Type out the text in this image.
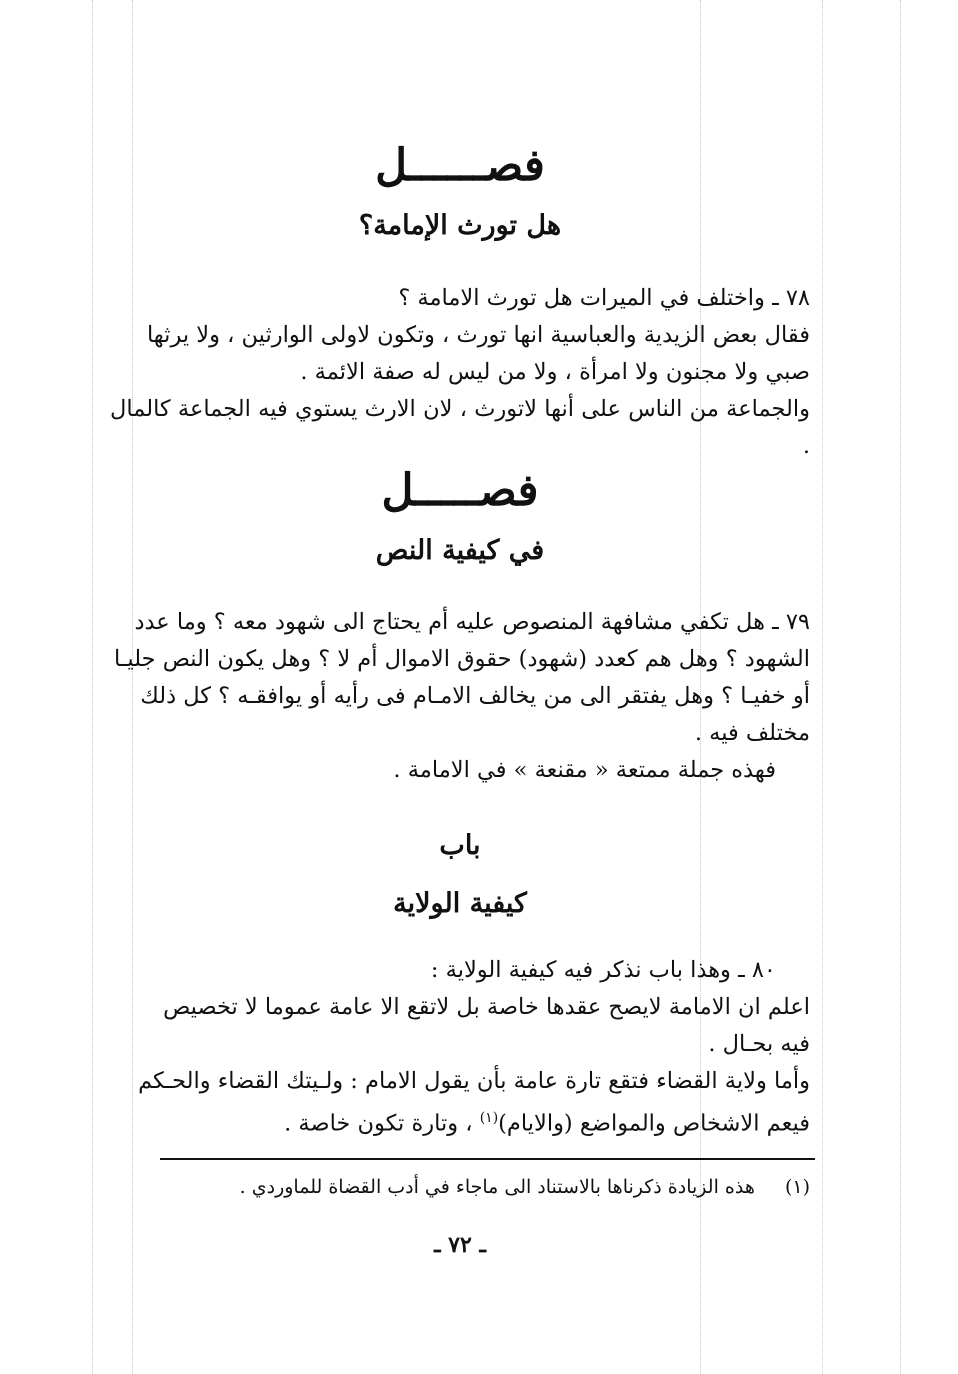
فصــــــل
هل تورث الإمامة؟
٧٨ ـ واختلف في الميرات هل تورث الامامة ؟
فقال بعض الزيدية والعباسية انها تورث ، وتكون لاولى الوارثين ، ولا يرثها
صبي ولا مجنون ولا امرأة ، ولا من ليس له صفة الائمة .
والجماعة من الناس على أنها لاتورث ، لان الارث يستوي فيه الجماعة كالمال .
فصـــــل
في كيفية النص
٧٩ ـ هل تكفي مشافهة المنصوص عليه أم يحتاج الى شهود معه ؟ وما عدد
الشهود ؟ وهل هم كعدد (شهود) حقوق الاموال أم لا ؟ وهل يكون النص جليـا
أو خفيـا ؟ وهل يفتقر الى من يخالف الامـام فى رأيه أو يوافقـه ؟ كل ذلك
مختلف فيه .
فهذه جملة ممتعة « مقنعة » في الامامة .
باب
كيفية الولاية
٨٠ ـ وهذا باب نذكر فيه كيفية الولاية :
اعلم ان الامامة لايصح عقدها خاصة بل لاتقع الا عامة عموما لا تخصيص
فيه بحـال .
وأما ولاية القضاء فتقع تارة عامة بأن يقول الامام : ولـيتك القضاء والحـكم
فيعم الاشخاص والمواضع (والايام)$^{(١)}$ ، وتارة تكون خاصة .
(١)  هذه الزيادة ذكرناها بالاستناد الى ماجاء في أدب القضاة للماوردي .
ـ ٧٢ ـ
